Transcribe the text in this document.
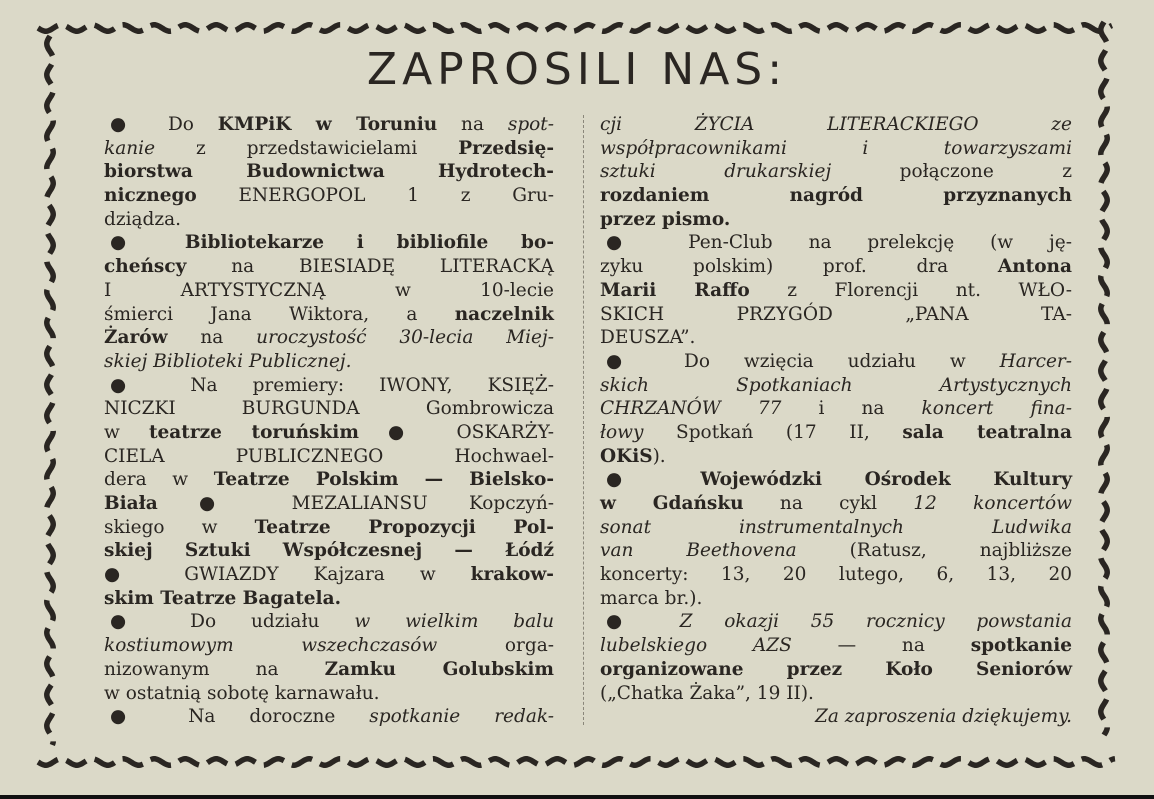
ZAPROSILI NAS:
● Do KMPiK w Toruniu na spot-
kanie z przedstawicielami Przedsię-
biorstwa Budownictwa Hydrotech-
nicznego ENERGOPOL 1 z Gru-
dziądza.
● Bibliotekarze i bibliofile bo-
cheńscy na BIESIADĘ LITERACKĄ
I ARTYSTYCZNĄ w 10-lecie
śmierci Jana Wiktora, a naczelnik
Żarów na uroczystość 30-lecia Miej-
skiej Biblioteki Publicznej.
● Na premiery: IWONY, KSIĘŻ-
NICZKI BURGUNDA Gombrowicza
w teatrze toruńskim ● OSKARŻY-
CIELA PUBLICZNEGO Hochwael-
dera w Teatrze Polskim — Bielsko-
Biała ● MEZALIANSU Kopczyń-
skiego w Teatrze Propozycji Pol-
skiej Sztuki Współczesnej — Łódź
● GWIAZDY Kajzara w krakow-
skim Teatrze Bagatela.
● Do udziału w wielkim balu
kostiumowym wszechczasów orga-
nizowanym na Zamku Golubskim
w ostatnią sobotę karnawału.
● Na doroczne spotkanie redak-
cji ŻYCIA LITERACKIEGO ze
współpracownikami i towarzyszami
sztuki drukarskiej połączone z
rozdaniem nagród przyznanych
przez pismo.
● Pen-Club na prelekcję (w ję-
zyku polskim) prof. dra Antona
Marii Raffo z Florencji nt. WŁO-
SKICH PRZYGÓD „PANA TA-
DEUSZA”.
● Do wzięcia udziału w Harcer-
skich Spotkaniach Artystycznych
CHRZANÓW 77 i na koncert fina-
łowy Spotkań (17 II, sala teatralna
OKiS).
● Wojewódzki Ośrodek Kultury
w Gdańsku na cykl 12 koncertów
sonat instrumentalnych Ludwika
van Beethovena (Ratusz, najbliższe
koncerty: 13, 20 lutego, 6, 13, 20
marca br.).
● Z okazji 55 rocznicy powstania
lubelskiego AZS — na spotkanie
organizowane przez Koło Seniorów
(„Chatka Żaka”, 19 II).
Za zaproszenia dziękujemy.
